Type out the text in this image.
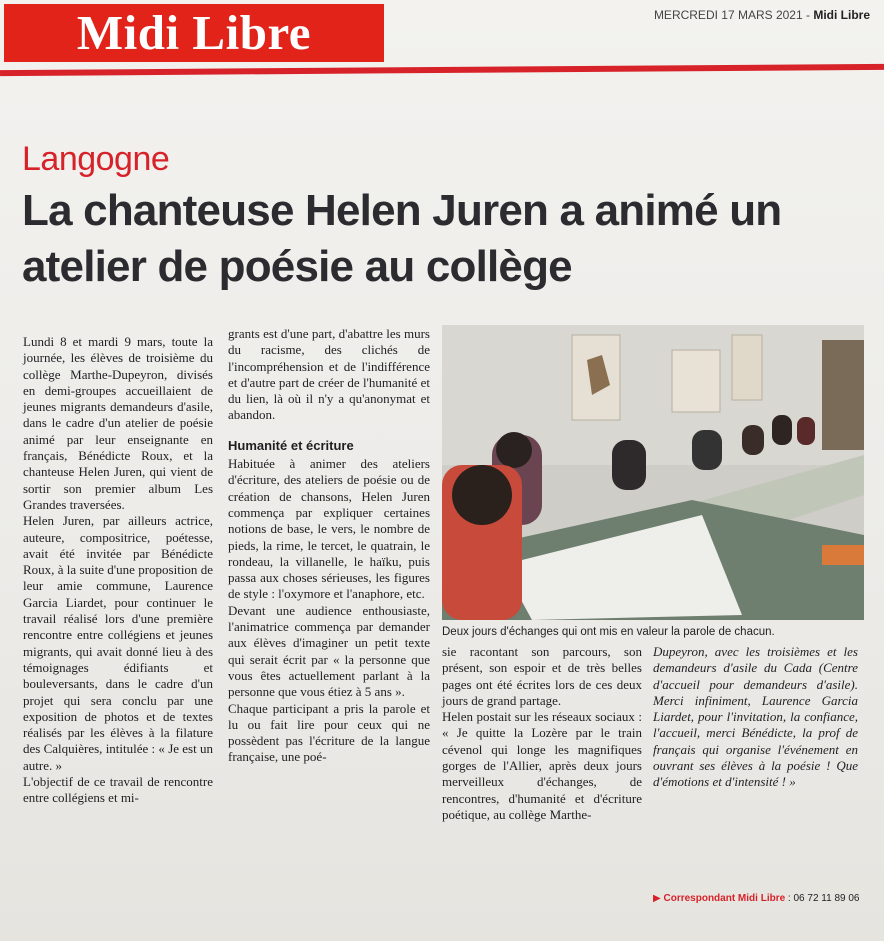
Midi Libre	MERCREDI 17 MARS 2021 - Midi Libre
Langogne
La chanteuse Helen Juren a animé un atelier de poésie au collège

Lundi 8 et mardi 9 mars, toute la journée, les élèves de troisième du collège Marthe-Dupeyron, divisés en demi-groupes accueillaient de jeunes migrants demandeurs d'asile, dans le cadre d'un atelier de poésie animé par leur enseignante en français, Bénédicte Roux, et la chanteuse Helen Juren, qui vient de sortir son premier album Les Grandes traversées.

Helen Juren, par ailleurs actrice, auteure, compositrice, poétesse, avait été invitée par Bénédicte Roux, à la suite d'une proposition de leur amie commune, Laurence Garcia Liardet, pour continuer le travail réalisé lors d'une première rencontre entre collégiens et jeunes migrants, qui avait donné lieu à des témoignages édifiants et bouleversants, dans le cadre d'un projet qui sera conclu par une exposition de photos et de textes réalisés par les élèves à la filature des Calquières, intitulée : « Je est un autre. »

L'objectif de ce travail de rencontre entre collégiens et mi-

grants est d'une part, d'abattre les murs du racisme, des clichés de l'incompréhension et de l'indifférence et d'autre part de créer de l'humanité et du lien, là où il n'y a qu'anonymat et abandon.

Humanité et écriture

Habituée à animer des ateliers d'écriture, des ateliers de poésie ou de création de chansons, Helen Juren commença par expliquer certaines notions de base, le vers, le nombre de pieds, la rime, le tercet, le quatrain, le rondeau, la villanelle, le haïku, puis passa aux choses sérieuses, les figures de style : l'oxymore et l'anaphore, etc.

Devant une audience enthousiaste, l'animatrice commença par demander aux élèves d'imaginer un petit texte qui serait écrit par « la personne que vous êtes actuellement parlant à la personne que vous étiez à 5 ans ».

Chaque participant a pris la parole et lu ou fait lire pour ceux qui ne possèdent pas l'écriture de la langue française, une poé-

Deux jours d'échanges qui ont mis en valeur la parole de chacun.

sie racontant son parcours, son présent, son espoir et de très belles pages ont été écrites lors de ces deux jours de grand partage.

Helen postait sur les réseaux sociaux : « Je quitte la Lozère par le train cévenol qui longe les magnifiques gorges de l'Allier, après deux jours merveilleux d'échanges, de rencontres, d'humanité et d'écriture poétique, au collège Marthe-

Dupeyron, avec les troisièmes et les demandeurs d'asile du Cada (Centre d'accueil pour demandeurs d'asile). Merci infiniment, Laurence Garcia Liardet, pour l'invitation, la confiance, l'accueil, merci Bénédicte, la prof de français qui organise l'événement en ouvrant ses élèves à la poésie ! Que d'émotions et d'intensité ! »

▶ Correspondant Midi Libre : 06 72 11 89 06
